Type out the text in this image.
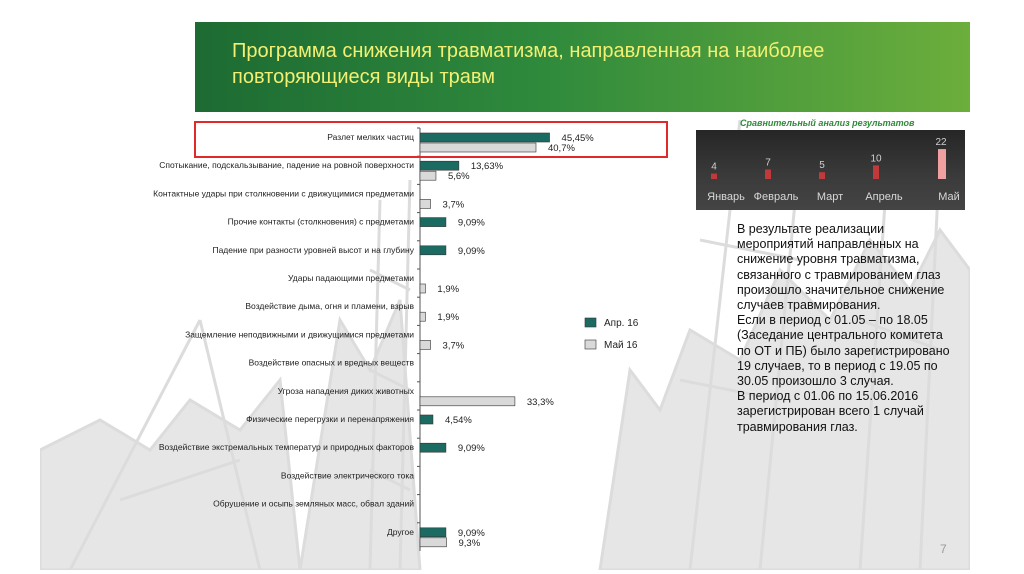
Программа снижения травматизма, направленная на наиболее повторяющиеся виды травм
Разлет мелких частиц	45,45%
40,7%
Спотыкание, подскальзывание, падение на ровной поверхности	13,63%
5,6%
Контактные удары при столкновении с движущимися предметами
3,7%
Прочие контакты (столкновения) с предметами	9,09%
Падение при разности уровней высот и на глубину	9,09%
Удары падающими предметами
1,9%
Воздействие дыма, огня и пламени, взрыв
1,9%
Защемление неподвижными и движущимися предметами
3,7%
Воздействие опасных и вредных веществ
Угроза нападения диких животных
33,3%
Физические перегрузки и перенапряжения	4,54%
Воздействие экстремальных температур и природных факторов	9,09%
Воздействие электрического тока
Обрушение и осыпь земляных масс, обвал зданий
Другое	9,09%
9,3%
Апр. 16
Май 16
Сравнительный анализ результатов
4
Январь
7
Февраль
5
Март
10
Апрель
22
Май
В результате реализации
мероприятий направленных на
снижение уровня травматизма,
связанного с травмированием глаз
произошло значительное снижение
случаев травмирования.
Если в период с 01.05 – по 18.05
(Заседание центрального комитета
по ОТ и ПБ) было зарегистрировано
19 случаев, то в период с 19.05 по
30.05 произошло 3 случая.
В период с 01.06 по 15.06.2016
зарегистрирован всего 1 случай
травмирования глаз.
7
